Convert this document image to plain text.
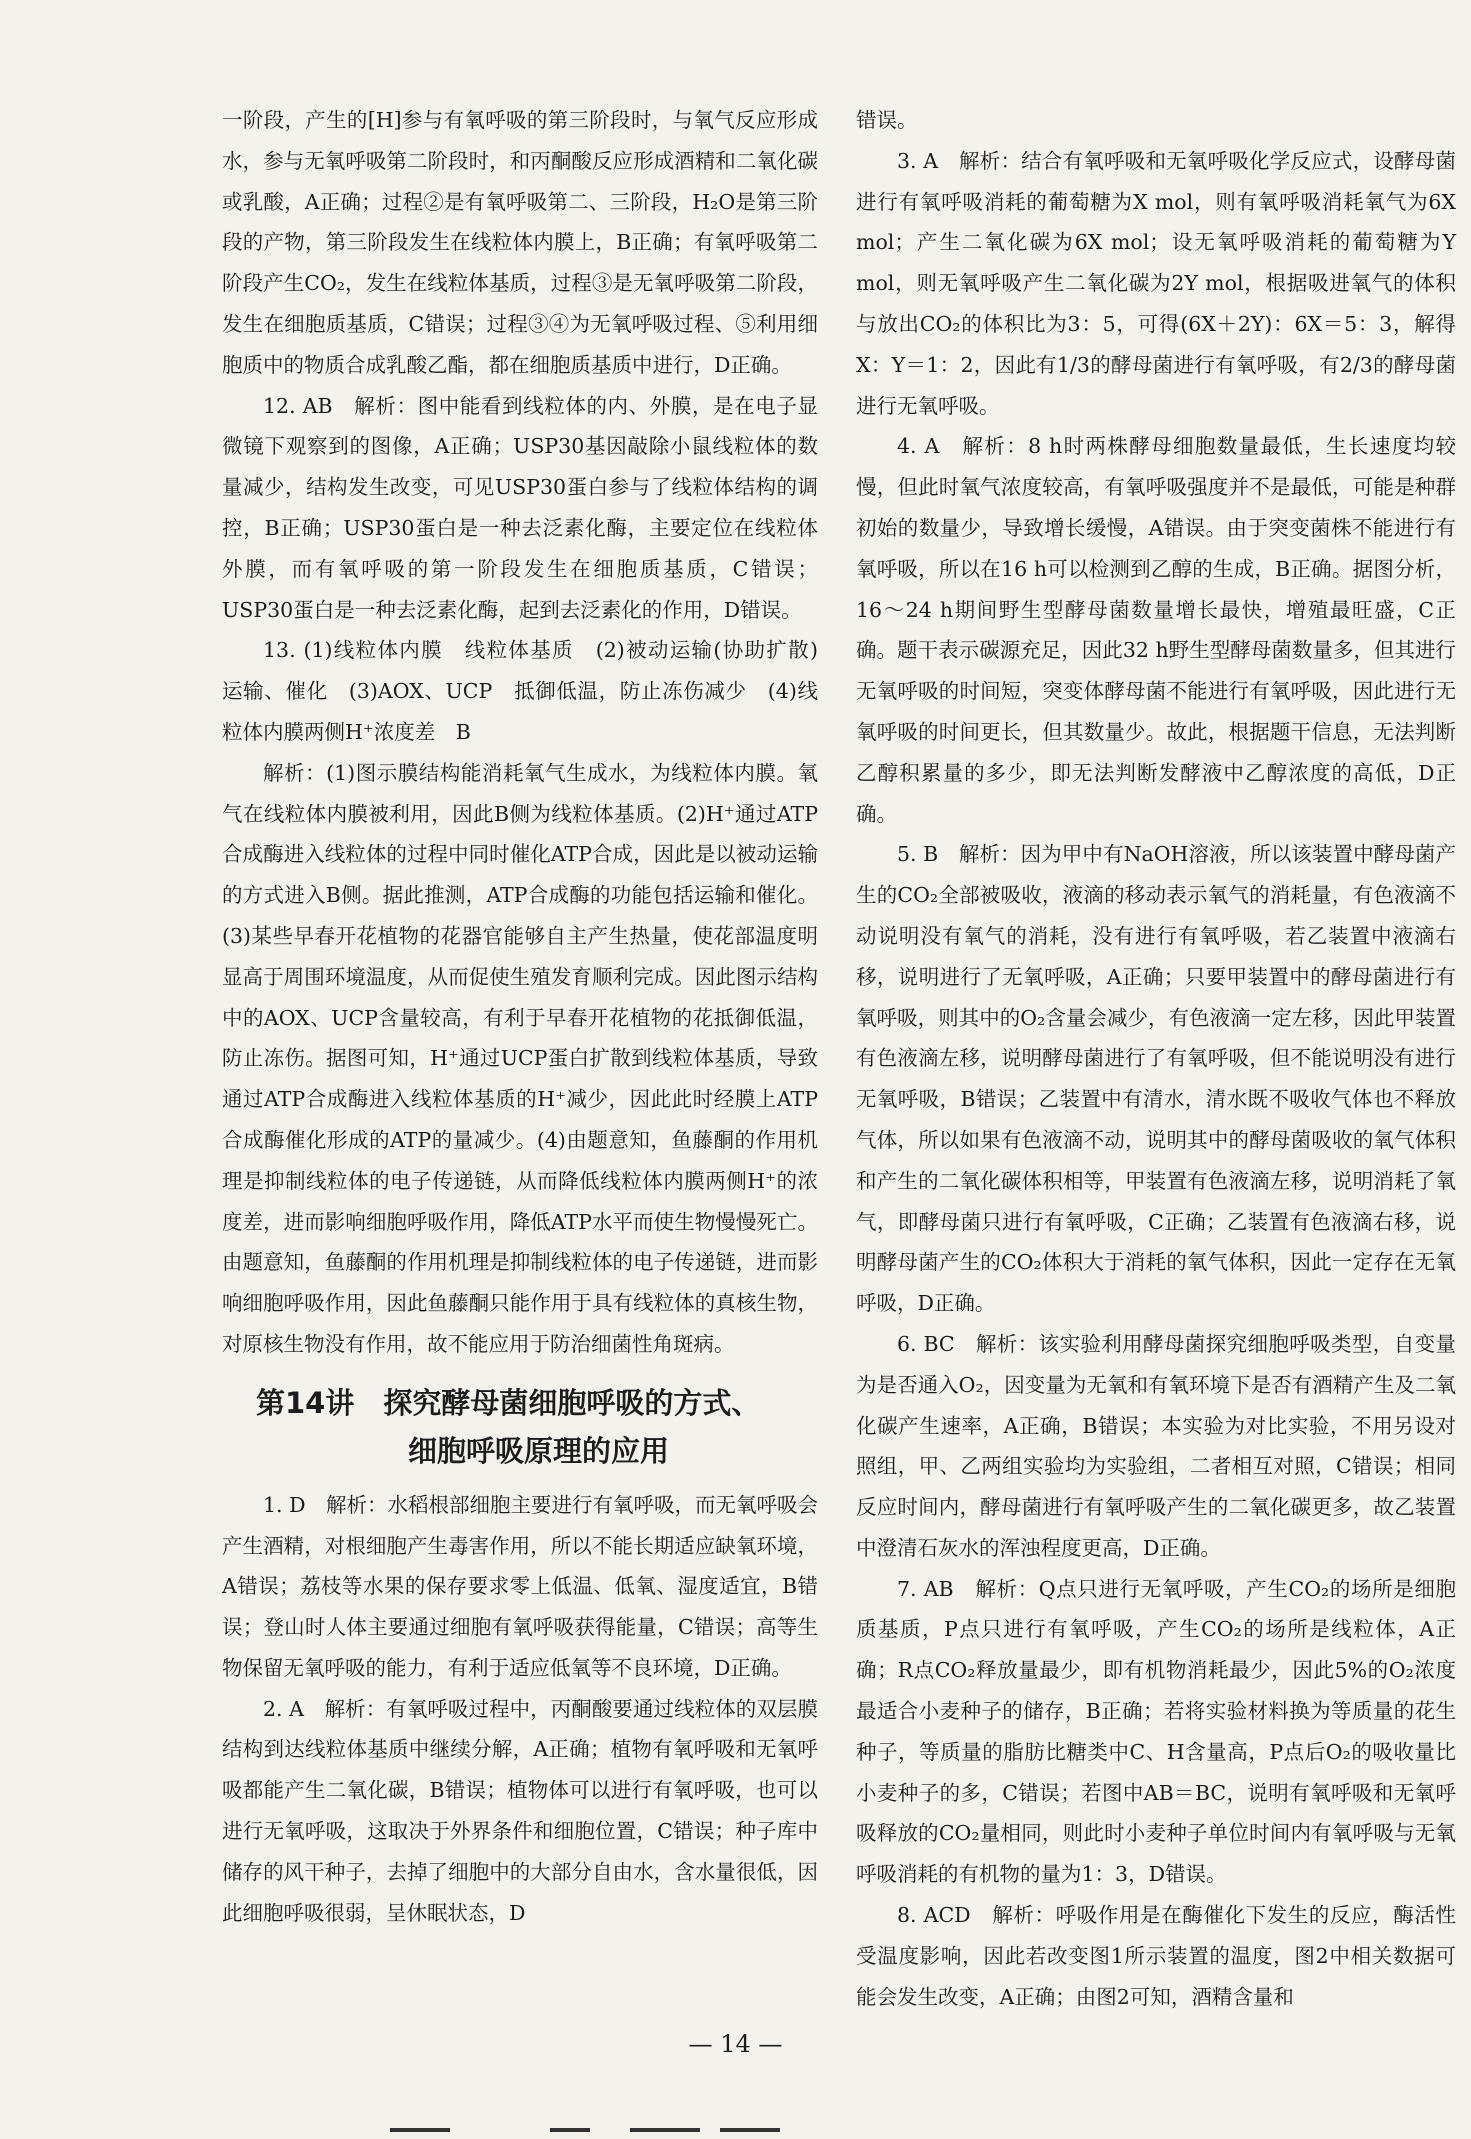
一阶段，产生的[H]参与有氧呼吸的第三阶段时，与氧气反应形成水，参与无氧呼吸第二阶段时，和丙酮酸反应形成酒精和二氧化碳或乳酸，A正确；过程②是有氧呼吸第二、三阶段，H₂O是第三阶段的产物，第三阶段发生在线粒体内膜上，B正确；有氧呼吸第二阶段产生CO₂，发生在线粒体基质，过程③是无氧呼吸第二阶段，发生在细胞质基质，C错误；过程③④为无氧呼吸过程、⑤利用细胞质中的物质合成乳酸乙酯，都在细胞质基质中进行，D正确。

12. AB　解析：图中能看到线粒体的内、外膜，是在电子显微镜下观察到的图像，A正确；USP30基因敲除小鼠线粒体的数量减少，结构发生改变，可见USP30蛋白参与了线粒体结构的调控，B正确；USP30蛋白是一种去泛素化酶，主要定位在线粒体外膜，而有氧呼吸的第一阶段发生在细胞质基质，C错误；USP30蛋白是一种去泛素化酶，起到去泛素化的作用，D错误。

13. (1)线粒体内膜　线粒体基质　(2)被动运输(协助扩散)　运输、催化　(3)AOX、UCP　抵御低温，防止冻伤减少　(4)线粒体内膜两侧H⁺浓度差　B

解析：(1)图示膜结构能消耗氧气生成水，为线粒体内膜。氧气在线粒体内膜被利用，因此B侧为线粒体基质。(2)H⁺通过ATP合成酶进入线粒体的过程中同时催化ATP合成，因此是以被动运输的方式进入B侧。据此推测，ATP合成酶的功能包括运输和催化。(3)某些早春开花植物的花器官能够自主产生热量，使花部温度明显高于周围环境温度，从而促使生殖发育顺利完成。因此图示结构中的AOX、UCP含量较高，有利于早春开花植物的花抵御低温，防止冻伤。据图可知，H⁺通过UCP蛋白扩散到线粒体基质，导致通过ATP合成酶进入线粒体基质的H⁺减少，因此此时经膜上ATP合成酶催化形成的ATP的量减少。(4)由题意知，鱼藤酮的作用机理是抑制线粒体的电子传递链，从而降低线粒体内膜两侧H⁺的浓度差，进而影响细胞呼吸作用，降低ATP水平而使生物慢慢死亡。由题意知，鱼藤酮的作用机理是抑制线粒体的电子传递链，进而影响细胞呼吸作用，因此鱼藤酮只能作用于具有线粒体的真核生物，对原核生物没有作用，故不能应用于防治细菌性角斑病。

第14讲　探究酵母菌细胞呼吸的方式、
细胞呼吸原理的应用

1. D　解析：水稻根部细胞主要进行有氧呼吸，而无氧呼吸会产生酒精，对根细胞产生毒害作用，所以不能长期适应缺氧环境，A错误；荔枝等水果的保存要求零上低温、低氧、湿度适宜，B错误；登山时人体主要通过细胞有氧呼吸获得能量，C错误；高等生物保留无氧呼吸的能力，有利于适应低氧等不良环境，D正确。

2. A　解析：有氧呼吸过程中，丙酮酸要通过线粒体的双层膜结构到达线粒体基质中继续分解，A正确；植物有氧呼吸和无氧呼吸都能产生二氧化碳，B错误；植物体可以进行有氧呼吸，也可以进行无氧呼吸，这取决于外界条件和细胞位置，C错误；种子库中储存的风干种子，去掉了细胞中的大部分自由水，含水量很低，因此细胞呼吸很弱，呈休眠状态，D

错误。

3. A　解析：结合有氧呼吸和无氧呼吸化学反应式，设酵母菌进行有氧呼吸消耗的葡萄糖为X mol，则有氧呼吸消耗氧气为6X mol；产生二氧化碳为6X mol；设无氧呼吸消耗的葡萄糖为Y mol，则无氧呼吸产生二氧化碳为2Y mol，根据吸进氧气的体积与放出CO₂的体积比为3：5，可得(6X＋2Y)：6X＝5：3，解得X：Y＝1：2，因此有1/3的酵母菌进行有氧呼吸，有2/3的酵母菌进行无氧呼吸。

4. A　解析：8 h时两株酵母细胞数量最低，生长速度均较慢，但此时氧气浓度较高，有氧呼吸强度并不是最低，可能是种群初始的数量少，导致增长缓慢，A错误。由于突变菌株不能进行有氧呼吸，所以在16 h可以检测到乙醇的生成，B正确。据图分析，16～24 h期间野生型酵母菌数量增长最快，增殖最旺盛，C正确。题干表示碳源充足，因此32 h野生型酵母菌数量多，但其进行无氧呼吸的时间短，突变体酵母菌不能进行有氧呼吸，因此进行无氧呼吸的时间更长，但其数量少。故此，根据题干信息，无法判断乙醇积累量的多少，即无法判断发酵液中乙醇浓度的高低，D正确。

5. B　解析：因为甲中有NaOH溶液，所以该装置中酵母菌产生的CO₂全部被吸收，液滴的移动表示氧气的消耗量，有色液滴不动说明没有氧气的消耗，没有进行有氧呼吸，若乙装置中液滴右移，说明进行了无氧呼吸，A正确；只要甲装置中的酵母菌进行有氧呼吸，则其中的O₂含量会减少，有色液滴一定左移，因此甲装置有色液滴左移，说明酵母菌进行了有氧呼吸，但不能说明没有进行无氧呼吸，B错误；乙装置中有清水，清水既不吸收气体也不释放气体，所以如果有色液滴不动，说明其中的酵母菌吸收的氧气体积和产生的二氧化碳体积相等，甲装置有色液滴左移，说明消耗了氧气，即酵母菌只进行有氧呼吸，C正确；乙装置有色液滴右移，说明酵母菌产生的CO₂体积大于消耗的氧气体积，因此一定存在无氧呼吸，D正确。

6. BC　解析：该实验利用酵母菌探究细胞呼吸类型，自变量为是否通入O₂，因变量为无氧和有氧环境下是否有酒精产生及二氧化碳产生速率，A正确，B错误；本实验为对比实验，不用另设对照组，甲、乙两组实验均为实验组，二者相互对照，C错误；相同反应时间内，酵母菌进行有氧呼吸产生的二氧化碳更多，故乙装置中澄清石灰水的浑浊程度更高，D正确。

7. AB　解析：Q点只进行无氧呼吸，产生CO₂的场所是细胞质基质，P点只进行有氧呼吸，产生CO₂的场所是线粒体，A正确；R点CO₂释放量最少，即有机物消耗最少，因此5%的O₂浓度最适合小麦种子的储存，B正确；若将实验材料换为等质量的花生种子，等质量的脂肪比糖类中C、H含量高，P点后O₂的吸收量比小麦种子的多，C错误；若图中AB＝BC，说明有氧呼吸和无氧呼吸释放的CO₂量相同，则此时小麦种子单位时间内有氧呼吸与无氧呼吸消耗的有机物的量为1：3，D错误。

8. ACD　解析：呼吸作用是在酶催化下发生的反应，酶活性受温度影响，因此若改变图1所示装置的温度，图2中相关数据可能会发生改变，A正确；由图2可知，酒精含量和

— 14 —
